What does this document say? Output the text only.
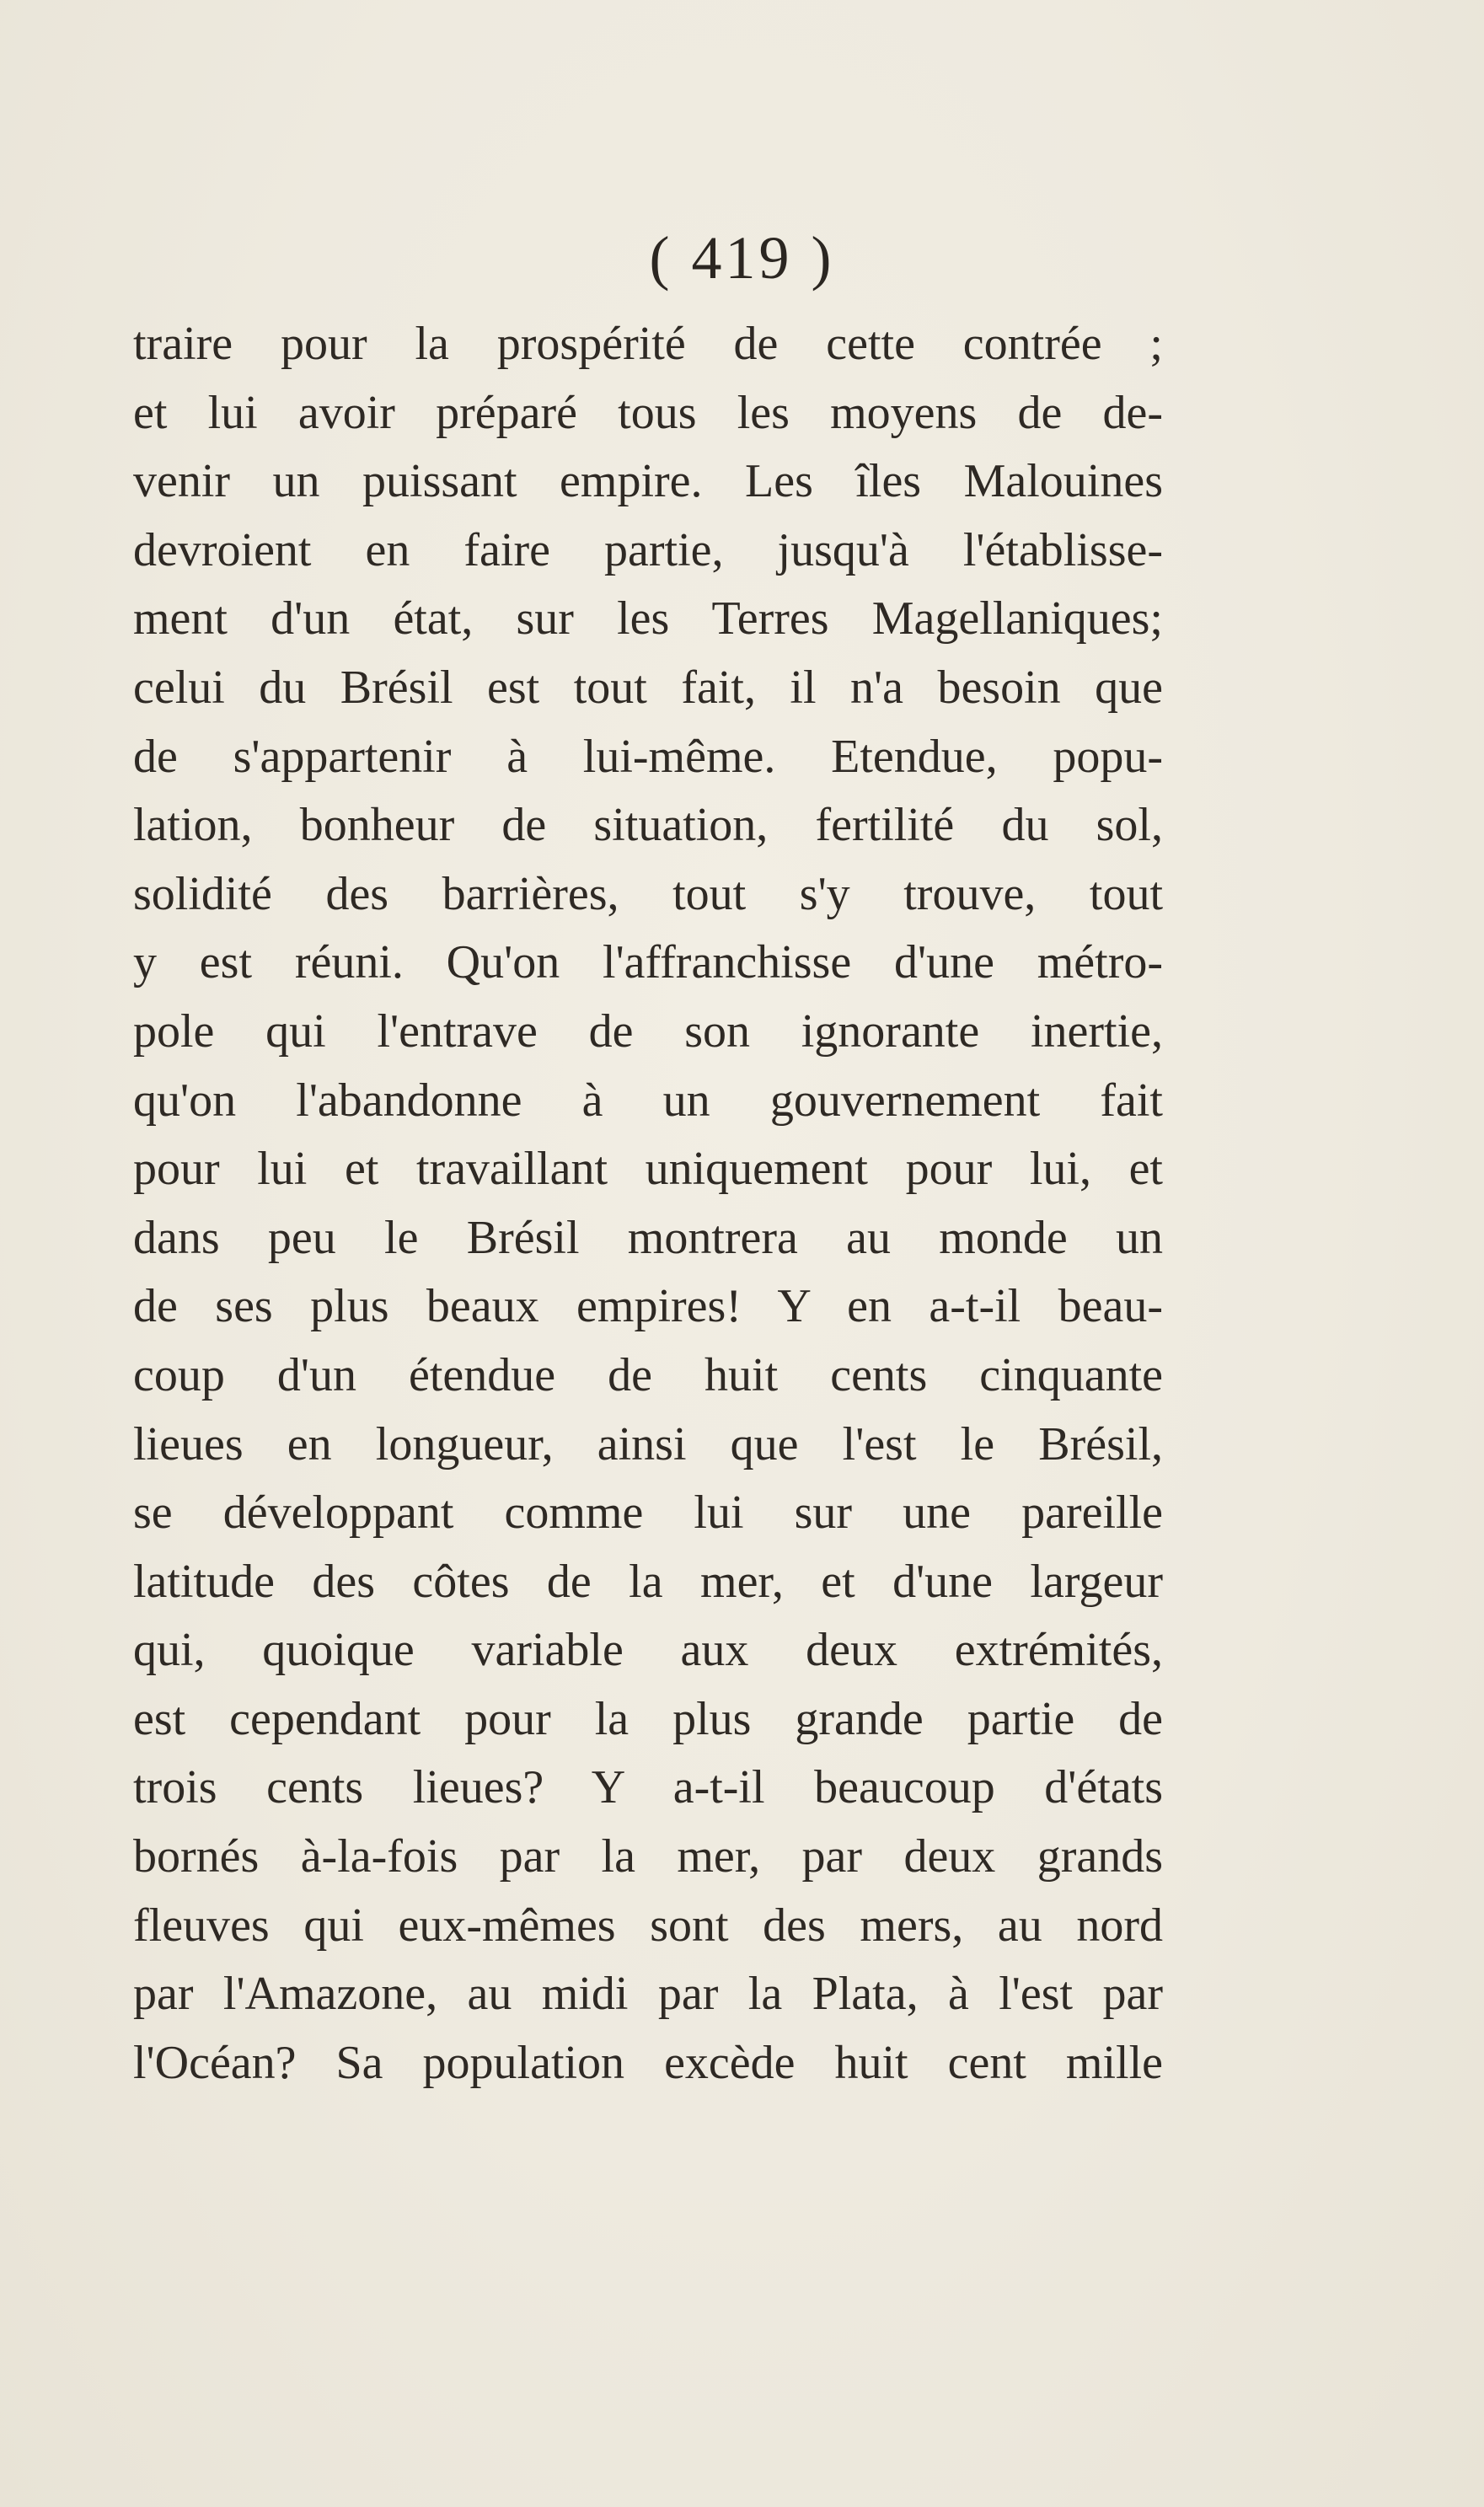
( 419 )
traire pour la prospérité de cette contrée ;
et lui avoir préparé tous les moyens de de-
venir un puissant empire. Les îles Malouines
devroient en faire partie, jusqu'à l'établisse-
ment d'un état, sur les Terres Magellaniques;
celui du Brésil est tout fait, il n'a besoin que
de s'appartenir à lui-même. Etendue, popu-
lation, bonheur de situation, fertilité du sol,
solidité des barrières, tout s'y trouve, tout
y est réuni. Qu'on l'affranchisse d'une métro-
pole qui l'entrave de son ignorante inertie,
qu'on l'abandonne à un gouvernement fait
pour lui et travaillant uniquement pour lui, et
dans peu le Brésil montrera au monde un
de ses plus beaux empires! Y en a-t-il beau-
coup d'un étendue de huit cents cinquante
lieues en longueur, ainsi que l'est le Brésil,
se développant comme lui sur une pareille
latitude des côtes de la mer, et d'une largeur
qui, quoique variable aux deux extrémités,
est cependant pour la plus grande partie de
trois cents lieues? Y a-t-il beaucoup d'états
bornés à-la-fois par la mer, par deux grands
fleuves qui eux-mêmes sont des mers, au nord
par l'Amazone, au midi par la Plata, à l'est par
l'Océan? Sa population excède huit cent mille
